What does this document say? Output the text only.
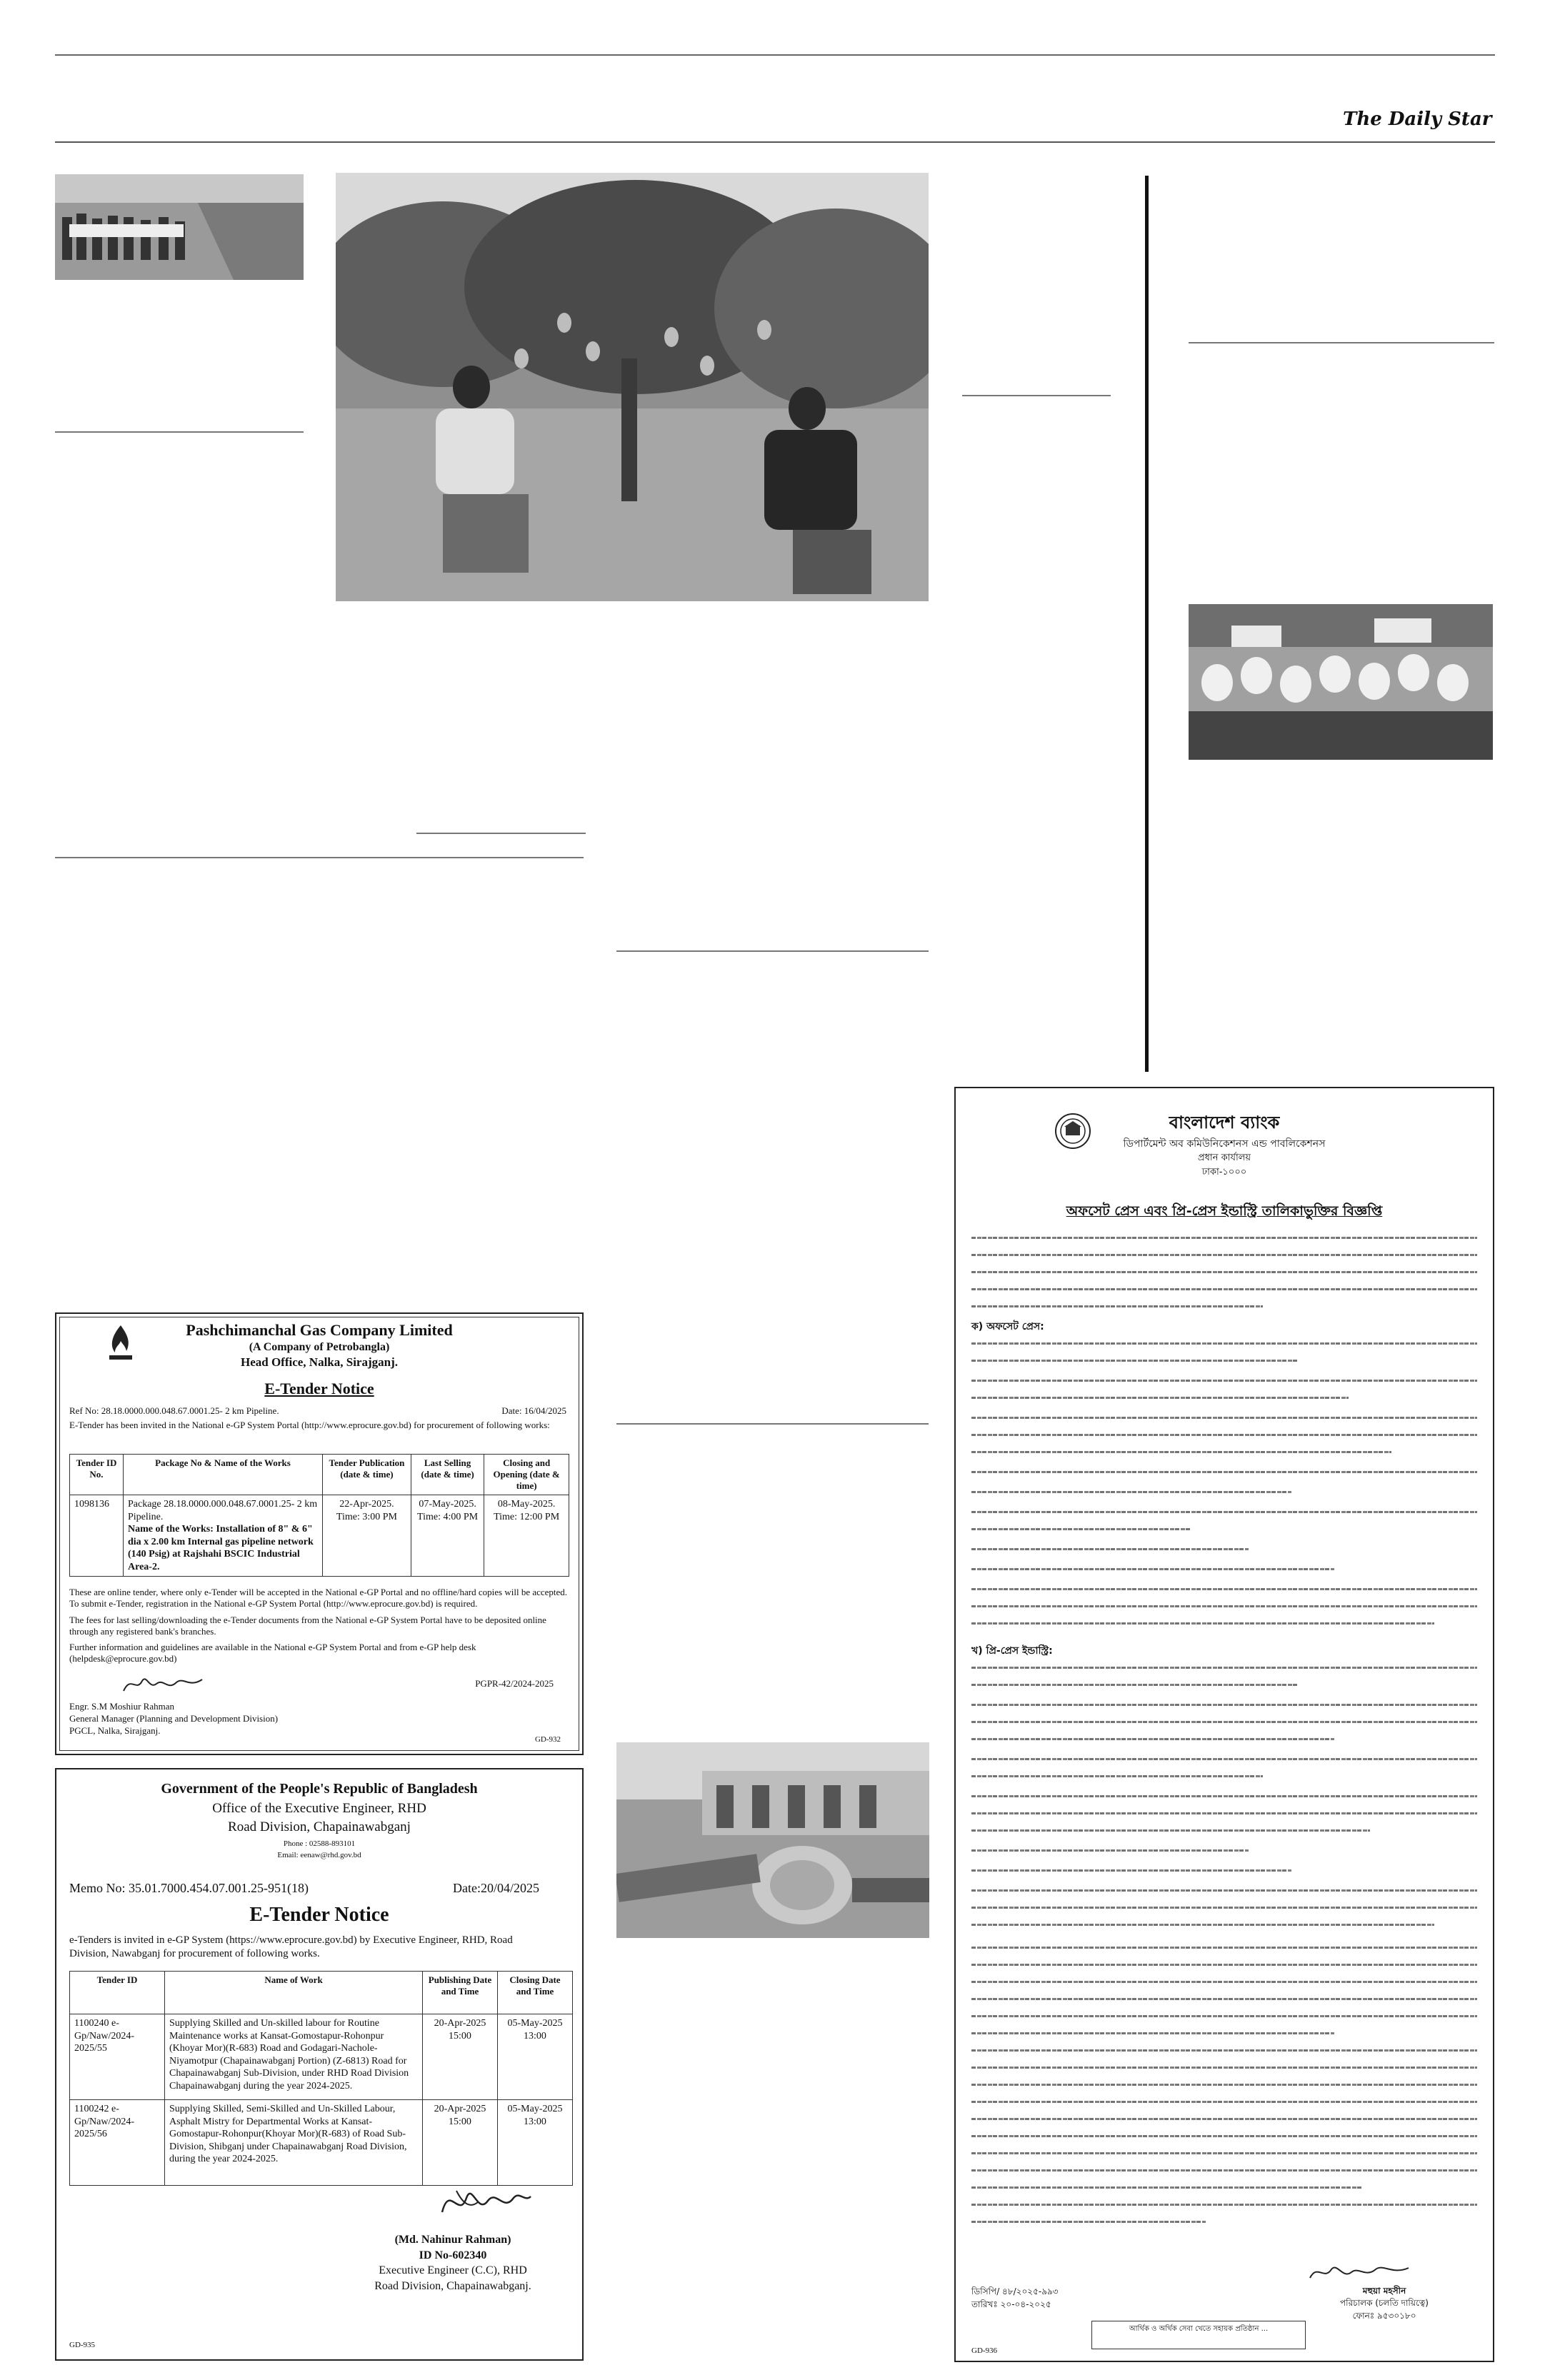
The Daily Star
Pashchimanchal Gas Company Limited
(A Company of Petrobangla)
Head Office, Nalka, Sirajganj.
E-Tender Notice
Ref No: 28.18.0000.000.048.67.0001.25- 2 km Pipeline.	Date: 16/04/2025
E-Tender has been invited in the National e-GP System Portal (http://www.eprocure.gov.bd) for procurement of following works:
Tender ID No.	Package No & Name of the Works	Tender Publication (date & time)	Last Selling (date & time)	Closing and Opening (date & time)
1098136	Package 28.18.0000.000.048.67.0001.25- 2 km Pipeline.
Name of the Works: Installation of 8" & 6" dia x 2.00 km Internal gas pipeline network (140 Psig) at Rajshahi BSCIC Industrial Area-2.	22-Apr-2025. Time: 3:00 PM	07-May-2025. Time: 4:00 PM	08-May-2025. Time: 12:00 PM
These are online tender, where only e-Tender will be accepted in the National e-GP Portal and no offline/hard copies will be accepted. To submit e-Tender, registration in the National e-GP System Portal (http://www.eprocure.gov.bd) is required.
The fees for last selling/downloading the e-Tender documents from the National e-GP System Portal have to be deposited online through any registered bank's branches.
Further information and guidelines are available in the National e-GP System Portal and from e-GP help desk (helpdesk@eprocure.gov.bd)
PGPR-42/2024-2025
Engr. S.M Moshiur Rahman
General Manager (Planning and Development Division)
PGCL, Nalka, Sirajganj.
GD-932
Government of the People's Republic of Bangladesh
Office of the Executive Engineer, RHD
Road Division, Chapainawabganj
Phone : 02588-893101
Email: eenaw@rhd.gov.bd
Memo No: 35.01.7000.454.07.001.25-951(18)	Date:20/04/2025
E-Tender Notice
e-Tenders is invited in e-GP System (https://www.eprocure.gov.bd) by Executive Engineer, RHD, Road Division, Nawabganj for procurement of following works.
Tender ID	Name of Work	Publishing Date and Time	Closing Date and Time
1100240 e-Gp/Naw/2024-2025/55	Supplying Skilled and Un-skilled labour for Routine Maintenance works at Kansat-Gomostapur-Rohonpur (Khoyar Mor)(R-683) Road and Godagari-Nachole-Niyamotpur (Chapainawabganj Portion) (Z-6813) Road for Chapainawabganj Sub-Division, under RHD Road Division Chapainawabganj during the year 2024-2025.	20-Apr-2025 15:00	05-May-2025 13:00
1100242 e-Gp/Naw/2024-2025/56	Supplying Skilled, Semi-Skilled and Un-Skilled Labour, Asphalt Mistry for Departmental Works at Kansat-Gomostapur-Rohonpur(Khoyar Mor)(R-683) of Road Sub-Division, Shibganj under Chapainawabganj Road Division, during the year 2024-2025.	20-Apr-2025 15:00	05-May-2025 13:00
(Md. Nahinur Rahman)
ID No-602340
Executive Engineer (C.C), RHD
Road Division, Chapainawabganj.
GD-935
বাংলাদেশ ব্যাংক
ডিপার্টমেন্ট অব কমিউনিকেশনস এন্ড পাবলিকেশনস
প্রধান কার্যালয়
ঢাকা-১০০০
অফসেট প্রেস এবং প্রি-প্রেস ইন্ডাস্ট্রি তালিকাভুক্তির বিজ্ঞপ্তি
ক) অফসেট প্রেস:
খ) প্রি-প্রেস ইন্ডাস্ট্রি:
ডিসিপি/ ৪৮/২০২৫-৯৯৩
তারিখঃ ২০-০৪-২০২৫
মহুয়া মহসীন
পরিচালক (চলতি দায়িত্বে)
ফোনঃ ৯৫৩০১৮০
আর্থিক ও অর্থিক সেবা খেতে সহায়ক প্রতিষ্ঠান ...
GD-936
